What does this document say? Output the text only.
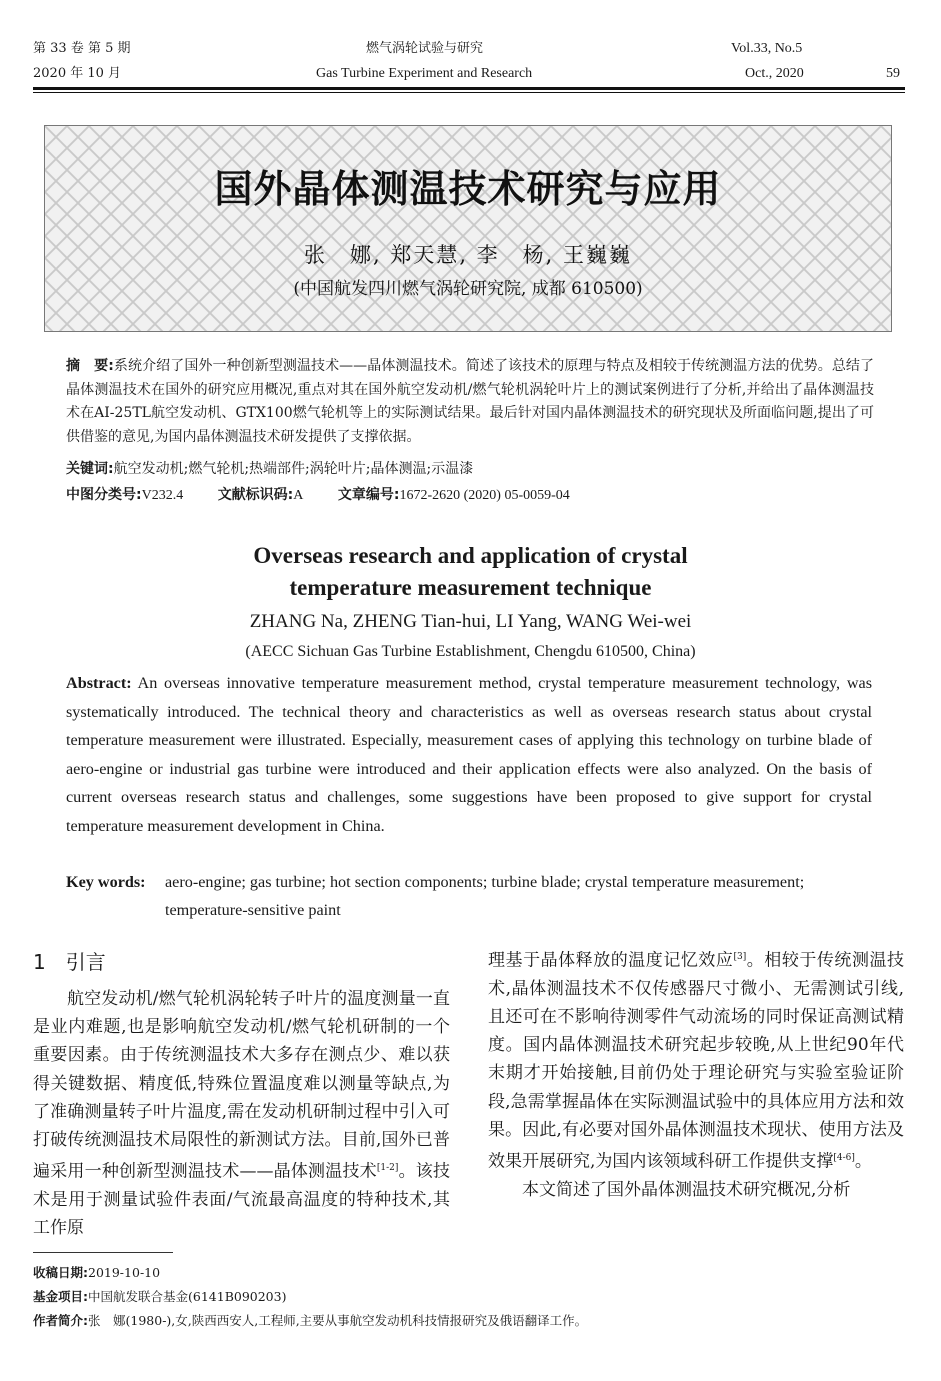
第 33 卷 第 5 期
2020 年 10 月
燃气涡轮试验与研究
Gas Turbine Experiment and Research
Vol.33, No.5
Oct., 2020	59
国外晶体测温技术研究与应用
张　娜, 郑天慧, 李　杨, 王巍巍
(中国航发四川燃气涡轮研究院, 成都 610500)
摘　要:系统介绍了国外一种创新型测温技术——晶体测温技术。简述了该技术的原理与特点及相较于传统测温方法的优势。总结了晶体测温技术在国外的研究应用概况,重点对其在国外航空发动机/燃气轮机涡轮叶片上的测试案例进行了分析,并给出了晶体测温技术在AI-25TL航空发动机、GTX100燃气轮机等上的实际测试结果。最后针对国内晶体测温技术的研究现状及所面临问题,提出了可供借鉴的意见,为国内晶体测温技术研发提供了支撑依据。
关键词:航空发动机;燃气轮机;热端部件;涡轮叶片;晶体测温;示温漆
中图分类号:V232.4 文献标识码:A 文章编号:1672-2620 (2020) 05-0059-04
Overseas research and application of crystal
temperature measurement technique
ZHANG Na, ZHENG Tian-hui, LI Yang, WANG Wei-wei
(AECC Sichuan Gas Turbine Establishment, Chengdu 610500, China)
Abstract: An overseas innovative temperature measurement method, crystal temperature measurement technology, was systematically introduced. The technical theory and characteristics as well as overseas research status about crystal temperature measurement were illustrated. Especially, measurement cases of applying this technology on turbine blade of aero-engine or industrial gas turbine were introduced and their application effects were also analyzed. On the basis of current overseas research status and challenges, some suggestions have been proposed to give support for crystal temperature measurement development in China.
Key words: aero-engine; gas turbine; hot section components; turbine blade; crystal temperature measurement; temperature-sensitive paint
1　引言

航空发动机/燃气轮机涡轮转子叶片的温度测量一直是业内难题,也是影响航空发动机/燃气轮机研制的一个重要因素。由于传统测温技术大多存在测点少、难以获得关键数据、精度低,特殊位置温度难以测量等缺点,为了准确测量转子叶片温度,需在发动机研制过程中引入可打破传统测温技术局限性的新测试方法。目前,国外已普遍采用一种创新型测温技术——晶体测温技术[1-2]。该技术是用于测量试验件表面/气流最高温度的特种技术,其工作原

理基于晶体释放的温度记忆效应[3]。相较于传统测温技术,晶体测温技术不仅传感器尺寸微小、无需测试引线,且还可在不影响待测零件气动流场的同时保证高测试精度。国内晶体测温技术研究起步较晚,从上世纪90年代末期才开始接触,目前仍处于理论研究与实验室验证阶段,急需掌握晶体在实际测温试验中的具体应用方法和效果。因此,有必要对国外晶体测温技术现状、使用方法及效果开展研究,为国内该领域科研工作提供支撑[4-6]。

本文简述了国外晶体测温技术研究概况,分析

收稿日期:2019-10-10
基金项目:中国航发联合基金(6141B090203)
作者简介:张　娜(1980-),女,陕西西安人,工程师,主要从事航空发动机科技情报研究及俄语翻译工作。
